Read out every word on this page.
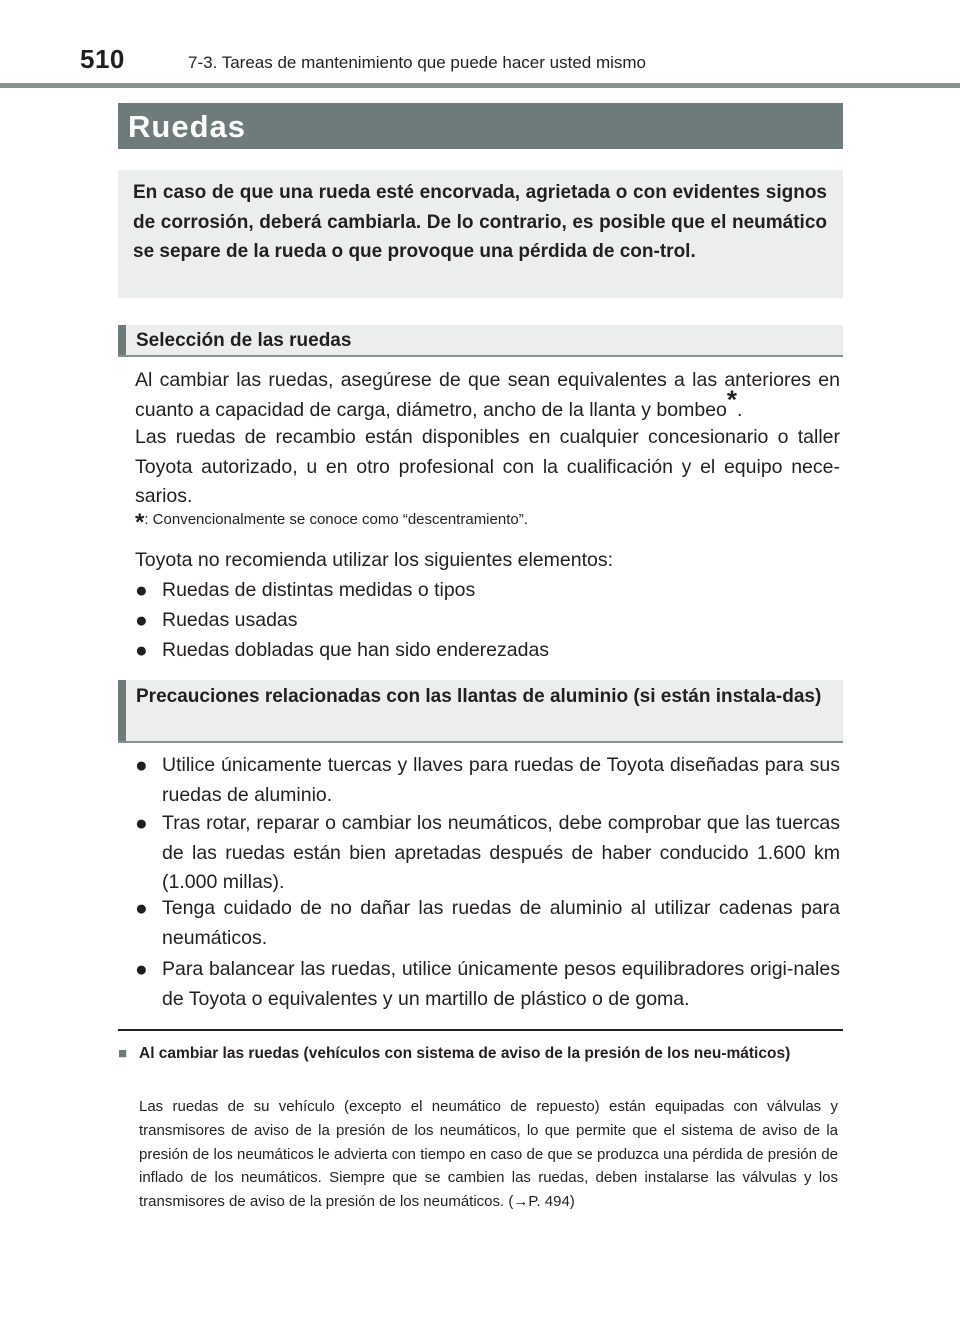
510	7-3. Tareas de mantenimiento que puede hacer usted mismo
Ruedas

En caso de que una rueda esté encorvada, agrietada o con evidentes signos de corrosión, deberá cambiarla. De lo contrario, es posible que el neumático se separe de la rueda o que provoque una pérdida de con-trol.

Selección de las ruedas

Al cambiar las ruedas, asegúrese de que sean equivalentes a las anteriores en cuanto a capacidad de carga, diámetro, ancho de la llanta y bombeo*.

Las ruedas de recambio están disponibles en cualquier concesionario o taller Toyota autorizado, u en otro profesional con la cualificación y el equipo nece-sarios.

*: Convencionalmente se conoce como “descentramiento”.

Toyota no recomienda utilizar los siguientes elementos:

● Ruedas de distintas medidas o tipos
● Ruedas usadas
● Ruedas dobladas que han sido enderezadas
Precauciones relacionadas con las llantas de aluminio (si están instala-das)
● Utilice únicamente tuercas y llaves para ruedas de Toyota diseñadas para sus ruedas de aluminio.
● Tras rotar, reparar o cambiar los neumáticos, debe comprobar que las tuercas de las ruedas están bien apretadas después de haber conducido 1.600 km (1.000 millas).
● Tenga cuidado de no dañar las ruedas de aluminio al utilizar cadenas para neumáticos.
● Para balancear las ruedas, utilice únicamente pesos equilibradores origi-nales de Toyota o equivalentes y un martillo de plástico o de goma.
■ Al cambiar las ruedas (vehículos con sistema de aviso de la presión de los neu-máticos)

Las ruedas de su vehículo (excepto el neumático de repuesto) están equipadas con válvulas y transmisores de aviso de la presión de los neumáticos, lo que permite que el sistema de aviso de la presión de los neumáticos le advierta con tiempo en caso de que se produzca una pérdida de presión de inflado de los neumáticos. Siempre que se cambien las ruedas, deben instalarse las válvulas y los transmisores de aviso de la presión de los neumáticos. (→P. 494)
